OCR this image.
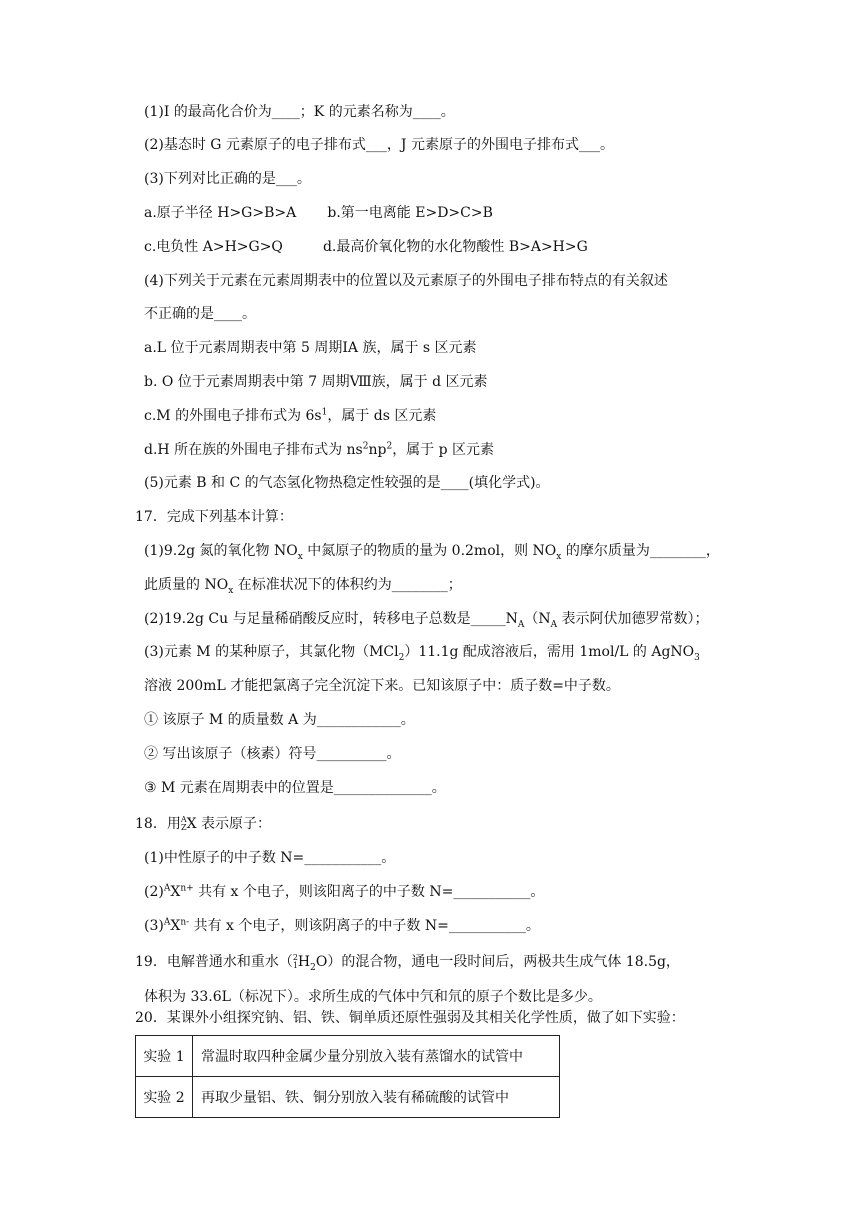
(1)I 的最高化合价为____；K 的元素名称为____。
(2)基态时 G 元素原子的电子排布式___，J 元素原子的外围电子排布式___。
(3)下列对比正确的是___。
a.原子半径 H>G>B>A       b.第一电离能 E>D>C>B
c.电负性 A>H>G>Q         d.最高价氧化物的水化物酸性 B>A>H>G
(4)下列关于元素在元素周期表中的位置以及元素原子的外围电子排布特点的有关叙述
不正确的是____。
a.L 位于元素周期表中第 5 周期ⅠA 族，属于 s 区元素
b. O 位于元素周期表中第 7 周期Ⅷ族，属于 d 区元素
c.M 的外围电子排布式为 $6s^1$，属于 ds 区元素
d.H 所在族的外围电子排布式为 $ns^2np^2$，属于 p 区元素
(5)元素 B 和 C 的气态氢化物热稳定性较强的是____(填化学式)。
17．完成下列基本计算：
(1)9.2g 氮的氧化物 $NO_x$ 中氮原子的物质的量为 0.2mol，则 $NO_x$ 的摩尔质量为________，
此质量的 $NO_x$ 在标准状况下的体积约为________；
(2)19.2g Cu 与足量稀硝酸反应时，转移电子总数是$\_\_\_\_\_N_A(N_A$ 表示阿伏加德罗常数）；
(3)元素 M 的某种原子，其氯化物（MCl$_2$）11.1g 配成溶液后，需用 1mol/L 的 AgNO$_3$
溶液 200mL 才能把氯离子完全沉淀下来。已知该原子中：质子数=中子数。
① 该原子 M 的质量数 A 为____________。
② 写出该原子（核素）符号__________。
③ M 元素在周期表中的位置是______________。
18．用A
ZX 表示原子：
(1)中性原子的中子数 N=___________。
$(2)^AX^{n+}$ 共有 x 个电子，则该阳离子的中子数 N=___________。
$(3)^AX^{n-}$ 共有 x 个电子，则该阴离子的中子数 N=___________。
19．电解普通水和重水（2
$1H_2O$）的混合物，通电一段时间后，两极共生成气体 18.5g，
体积为 33.6L（标况下）。求所生成的气体中氕和氘的原子个数比是多少。
20．某课外小组探究钠、铝、铁、铜单质还原性强弱及其相关化学性质，做了如下实验：
实验 1	常温时取四种金属少量分别放入装有蒸馏水的试管中
实验 2	再取少量铝、铁、铜分别放入装有稀硫酸的试管中
